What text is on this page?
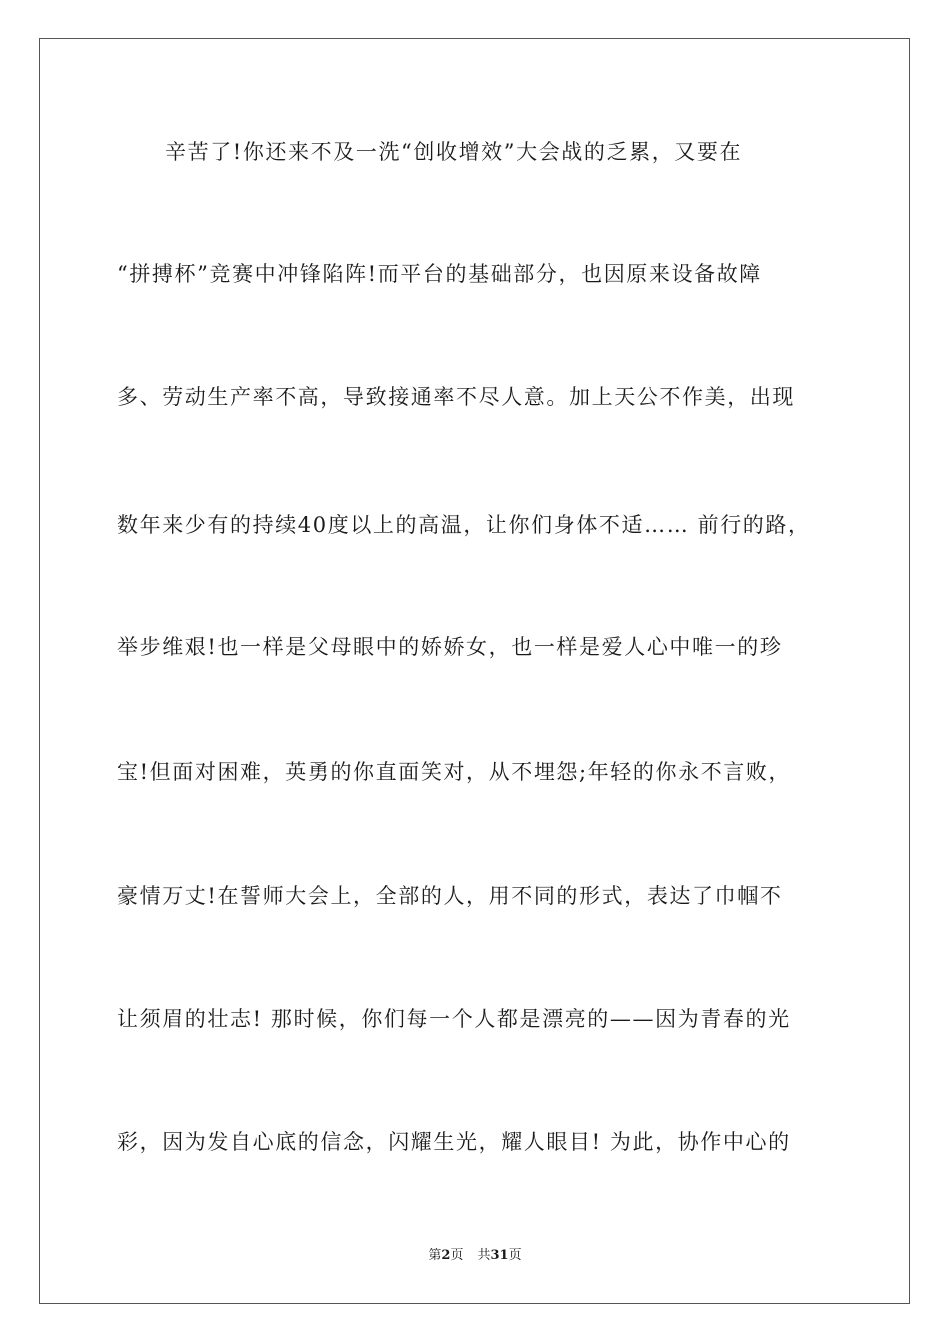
辛苦了!你还来不及一洗“创收增效”大会战的乏累，又要在
“拼搏杯”竞赛中冲锋陷阵!而平台的基础部分，也因原来设备故障
多、劳动生产率不高，导致接通率不尽人意。加上天公不作美，出现
数年来少有的持续40度以上的高温，让你们身体不适…… 前行的路，
举步维艰!也一样是父母眼中的娇娇女，也一样是爱人心中唯一的珍
宝!但面对困难，英勇的你直面笑对，从不埋怨;年轻的你永不言败，
豪情万丈!在誓师大会上，全部的人，用不同的形式，表达了巾帼不
让须眉的壮志! 那时候，你们每一个人都是漂亮的——因为青春的光
彩，因为发自心底的信念，闪耀生光，耀人眼目! 为此，协作中心的
第2页 共31页
